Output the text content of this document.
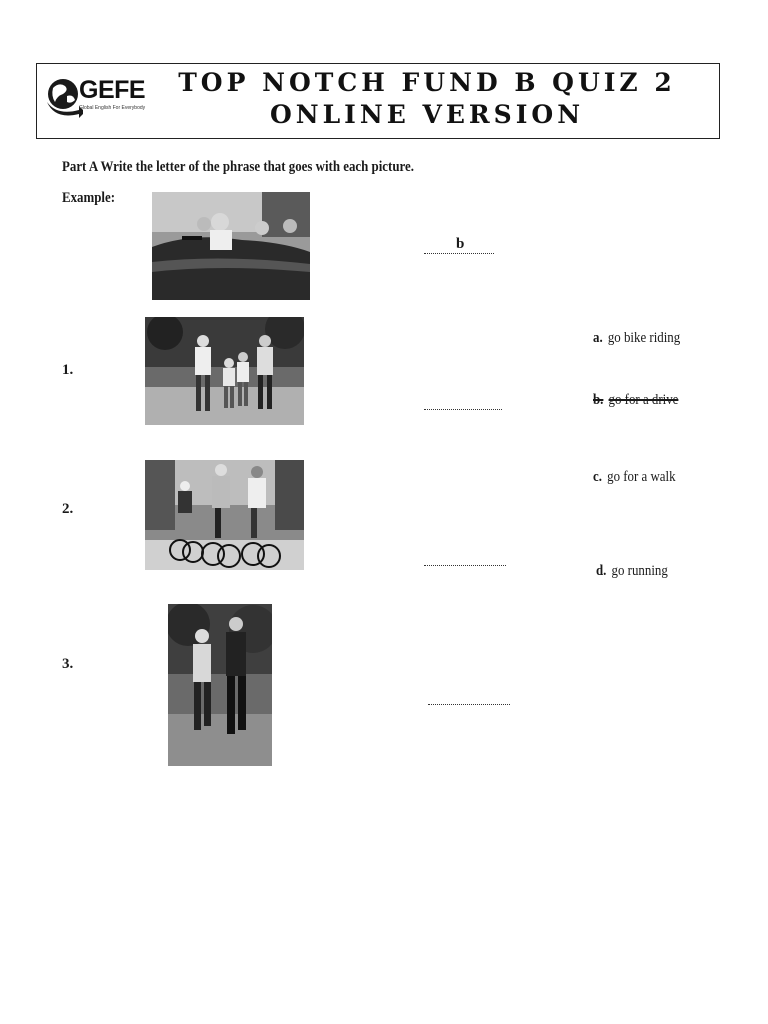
GEFE
Global English For Everybody
TOP NOTCH FUND B QUIZ 2
ONLINE VERSION
Part A Write the letter of the phrase that goes with each picture.
Example:
b
1.
2.
3.
a. go bike riding
b. go for a drive
c. go for a walk
d. go running
